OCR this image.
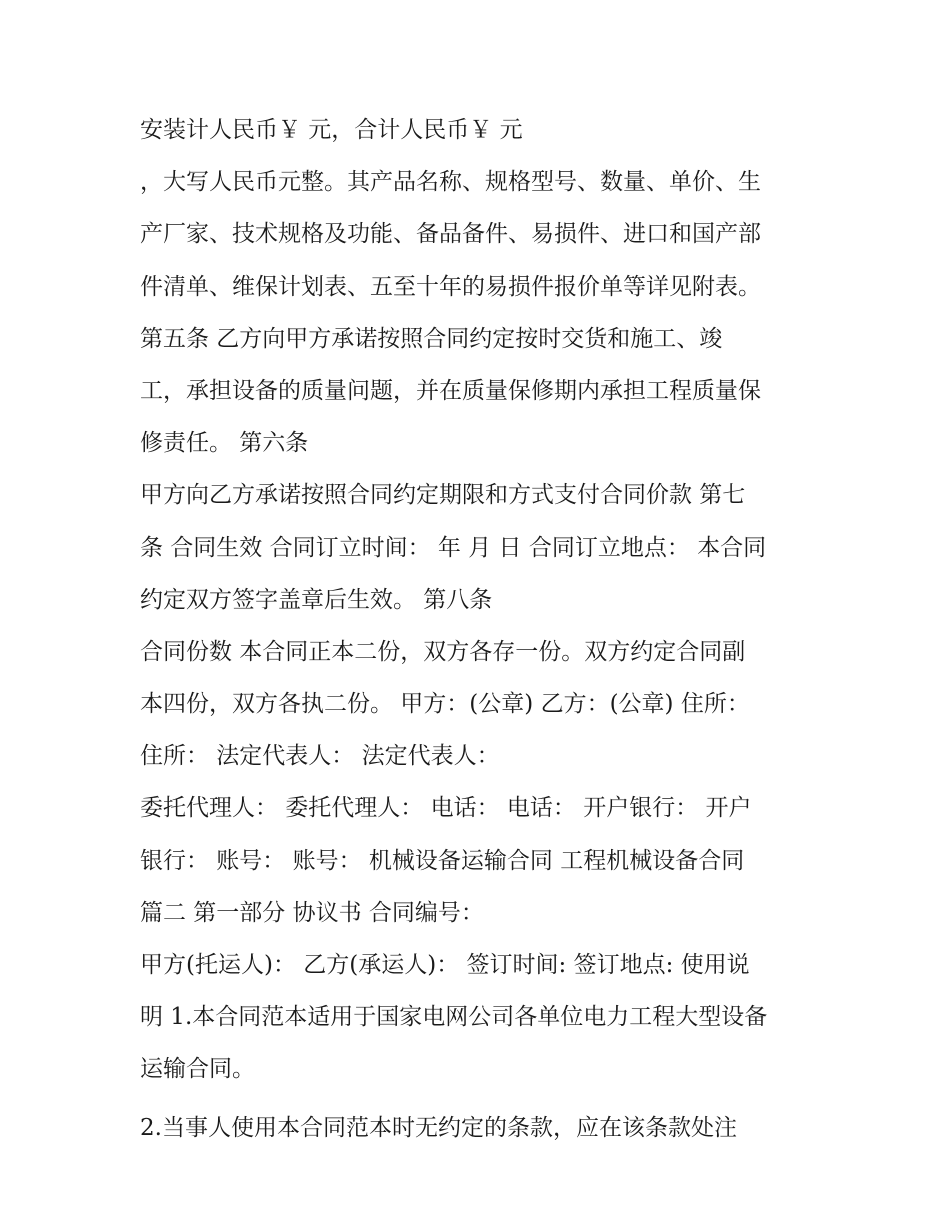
安装计人民币￥ 元，合计人民币￥ 元
，大写人民币元整。其产品名称、规格型号、数量、单价、生
产厂家、技术规格及功能、备品备件、易损件、进口和国产部
件清单、维保计划表、五至十年的易损件报价单等详见附表。
第五条 乙方向甲方承诺按照合同约定按时交货和施工、竣
工，承担设备的质量问题，并在质量保修期内承担工程质量保
修责任。 第六条
甲方向乙方承诺按照合同约定期限和方式支付合同价款 第七
条 合同生效 合同订立时间： 年 月 日 合同订立地点： 本合同
约定双方签字盖章后生效。 第八条
合同份数 本合同正本二份，双方各存一份。双方约定合同副
本四份，双方各执二份。 甲方：(公章) 乙方：(公章) 住所：
住所： 法定代表人： 法定代表人：
委托代理人： 委托代理人： 电话： 电话： 开户银行： 开户
银行： 账号： 账号： 机械设备运输合同 工程机械设备合同
篇二 第一部分 协议书 合同编号：
甲方(托运人)： 乙方(承运人)： 签订时间: 签订地点: 使用说
明 1.本合同范本适用于国家电网公司各单位电力工程大型设备
运输合同。
2.当事人使用本合同范本时无约定的条款，应在该条款处注
